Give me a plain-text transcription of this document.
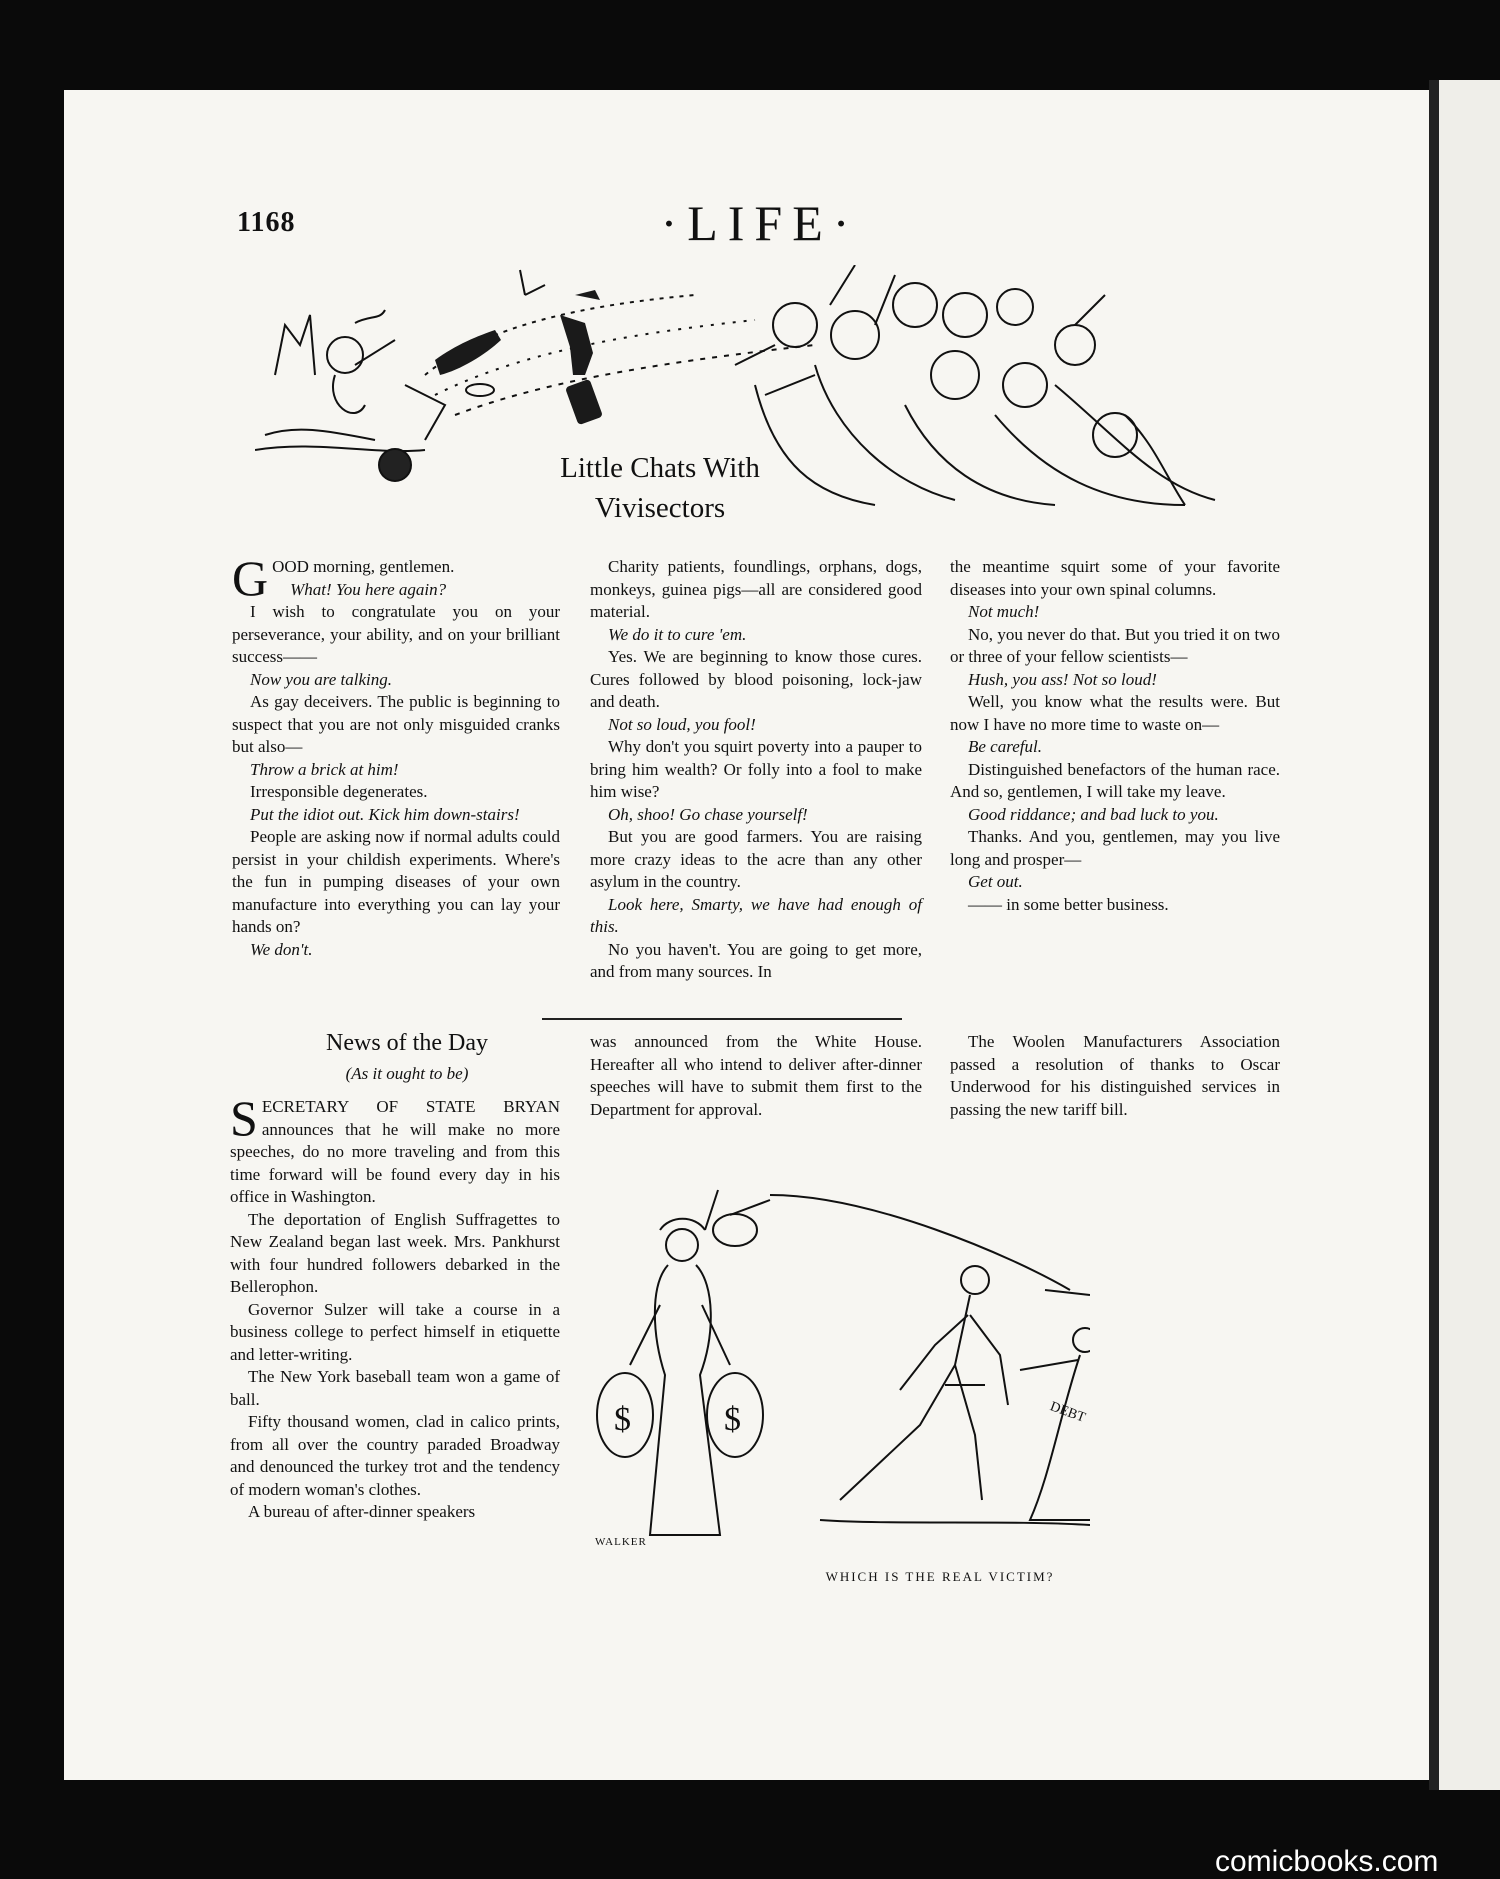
1168	·LIFE·
Little Chats With
Vivisectors

GOOD morning, gentlemen.

What! You here again?

I wish to congratulate you on your perseverance, your ability, and on your brilliant success——

Now you are talking.

As gay deceivers. The public is beginning to suspect that you are not only misguided cranks but also—

Throw a brick at him!

Irresponsible degenerates.

Put the idiot out. Kick him down-stairs!

People are asking now if normal adults could persist in your childish experiments. Where's the fun in pumping diseases of your own manufacture into everything you can lay your hands on?

We don't.

Charity patients, foundlings, orphans, dogs, monkeys, guinea pigs—all are considered good material.

We do it to cure 'em.

Yes. We are beginning to know those cures. Cures followed by blood poisoning, lock-jaw and death.

Not so loud, you fool!

Why don't you squirt poverty into a pauper to bring him wealth? Or folly into a fool to make him wise?

Oh, shoo! Go chase yourself!

But you are good farmers. You are raising more crazy ideas to the acre than any other asylum in the country.

Look here, Smarty, we have had enough of this.

No you haven't. You are going to get more, and from many sources. In

the meantime squirt some of your favorite diseases into your own spinal columns.

Not much!

No, you never do that. But you tried it on two or three of your fellow scientists—

Hush, you ass! Not so loud!

Well, you know what the results were. But now I have no more time to waste on—

Be careful.

Distinguished benefactors of the human race. And so, gentlemen, I will take my leave.

Good riddance; and bad luck to you.

Thanks. And you, gentlemen, may you live long and prosper—

Get out.

—— in some better business.

News of the Day
(As it ought to be)

SECRETARY OF STATE BRYAN announces that he will make no more speeches, do no more traveling and from this time forward will be found every day in his office in Washington.

The deportation of English Suffragettes to New Zealand began last week. Mrs. Pankhurst with four hundred followers debarked in the Bellerophon.

Governor Sulzer will take a course in a business college to perfect himself in etiquette and letter-writing.

The New York baseball team won a game of ball.

Fifty thousand women, clad in calico prints, from all over the country paraded Broadway and denounced the turkey trot and the tendency of modern woman's clothes.

A bureau of after-dinner speakers

was announced from the White House. Hereafter all who intend to deliver after-dinner speeches will have to submit them first to the Department for approval.

The Woolen Manufacturers Association passed a resolution of thanks to Oscar Underwood for his distinguished services in passing the new tariff bill.

$	$
WALKER
DEBT
WHICH IS THE REAL VICTIM?
comicbooks.com
